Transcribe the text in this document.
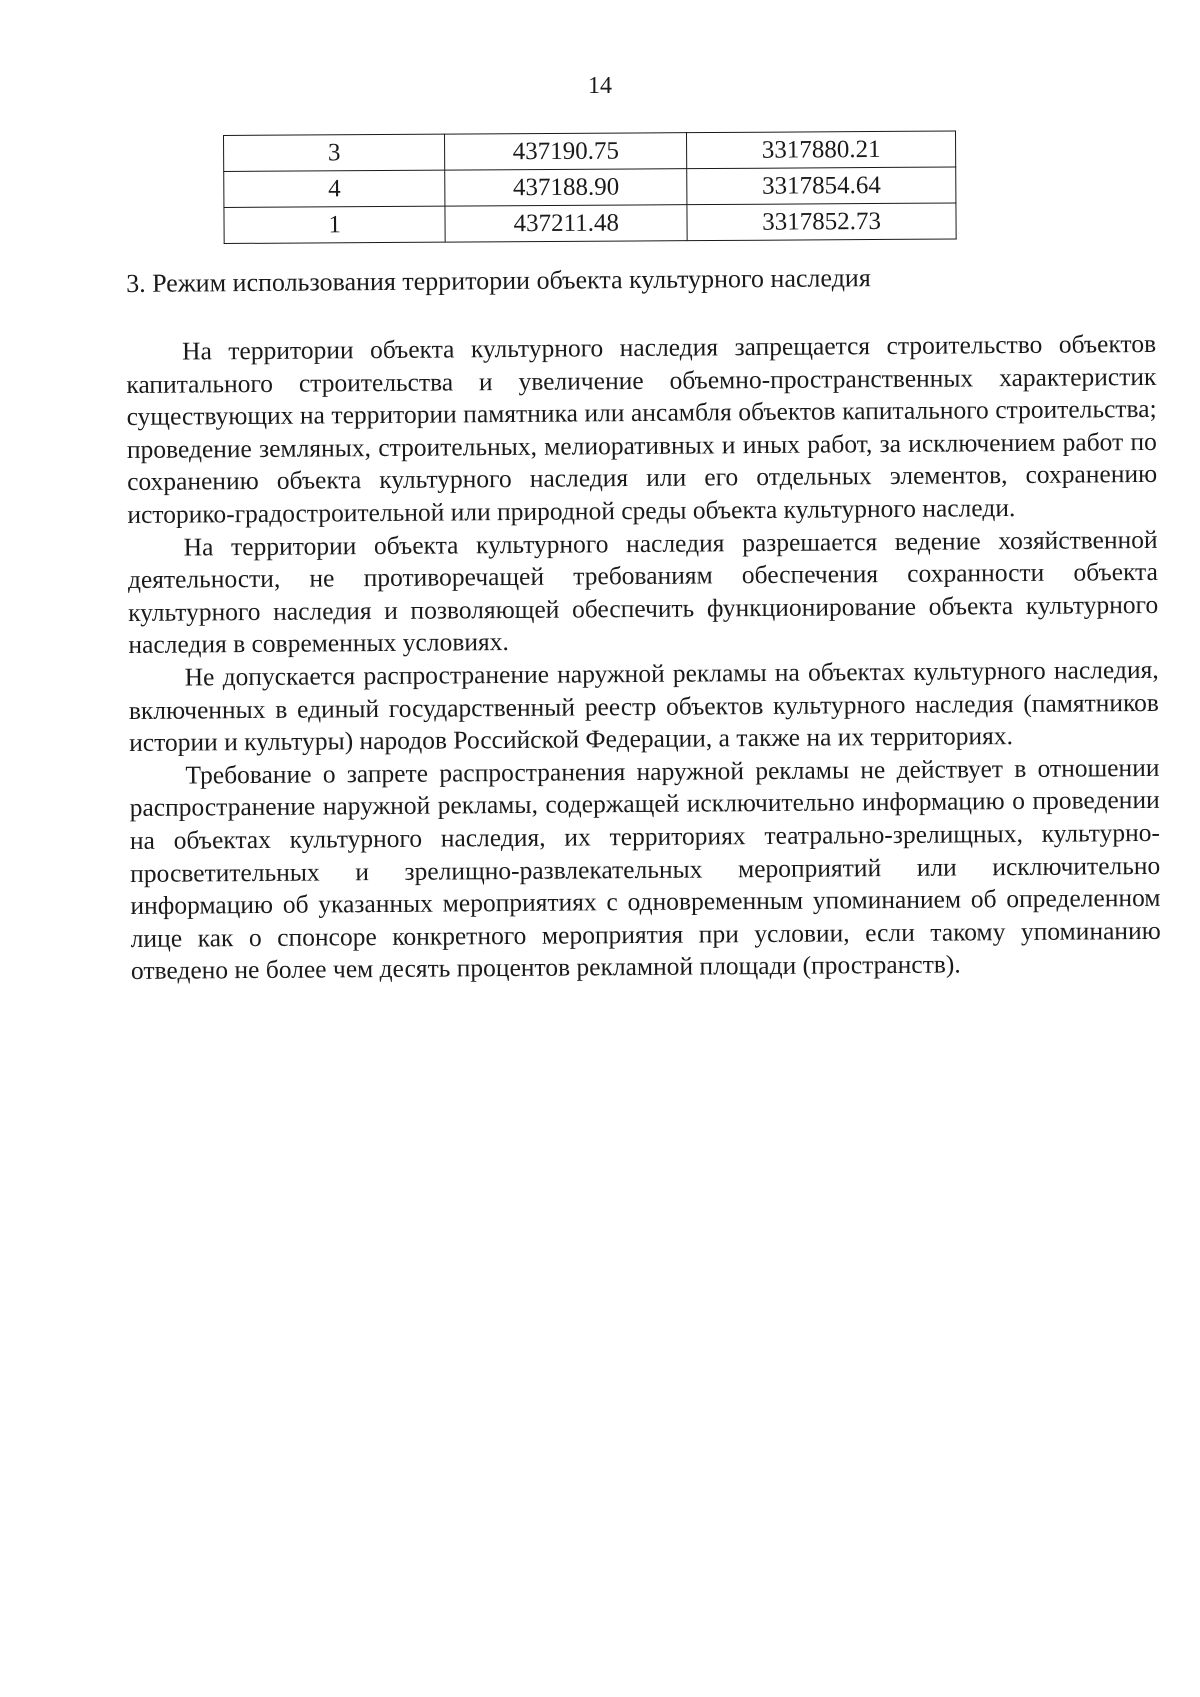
14
3	437190.75	3317880.21
4	437188.90	3317854.64
1	437211.48	3317852.73
3. Режим использования территории объекта культурного наследия

На территории объекта культурного наследия запрещается строительство объектов капитального строительства и увеличение объемно-пространственных характеристик существующих на территории памятника или ансамбля объектов капитального строительства; проведение земляных, строительных, мелиоративных и иных работ, за исключением работ по сохранению объекта культурного наследия или его отдельных элементов, сохранению историко-градостроительной или природной среды объекта культурного наследи.

На территории объекта культурного наследия разрешается ведение хозяйственной деятельности, не противоречащей требованиям обеспечения сохранности объекта культурного наследия и позволяющей обеспечить функционирование объекта культурного наследия в современных условиях.

Не допускается распространение наружной рекламы на объектах культурного наследия, включенных в единый государственный реестр объектов культурного наследия (памятников истории и культуры) народов Российской Федерации, а также на их территориях.

Требование о запрете распространения наружной рекламы не действует в отношении распространение наружной рекламы, содержащей исключительно информацию о проведении на объектах культурного наследия, их территориях театрально-зрелищных, культурно-просветительных и зрелищно-развлекательных мероприятий или исключительно информацию об указанных мероприятиях с одновременным упоминанием об определенном лице как о спонсоре конкретного мероприятия при условии, если такому упоминанию отведено не более чем десять процентов рекламной площади (пространств).
